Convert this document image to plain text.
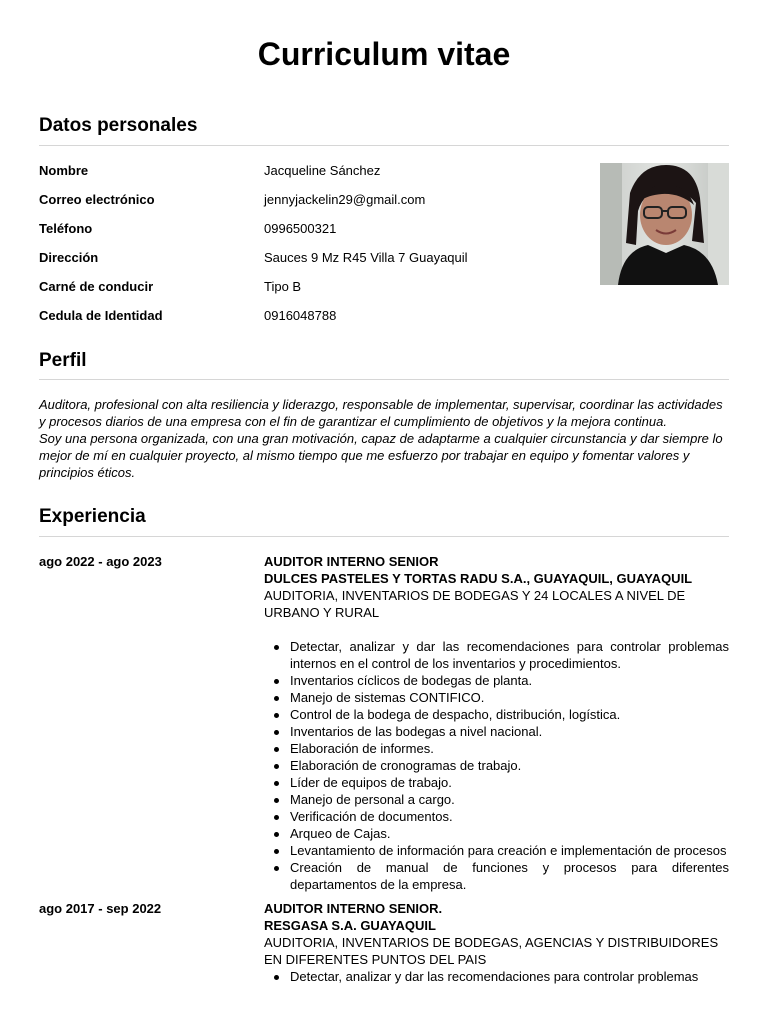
Curriculum vitae
Datos personales
Nombre	Jacqueline Sánchez
Correo electrónico	jennyjackelin29@gmail.com
Teléfono	0996500321
Dirección	Sauces 9 Mz R45 Villa 7 Guayaquil
Carné de conducir	Tipo B
Cedula de Identidad	0916048788
Perfil

Auditora, profesional con alta resiliencia y liderazgo, responsable de implementar, supervisar, coordinar las actividades y procesos diarios de una empresa con el fin de garantizar el cumplimiento de objetivos y la mejora continua.

Soy una persona organizada, con una gran motivación, capaz de adaptarme a cualquier circunstancia y dar siempre lo mejor de mí en cualquier proyecto, al mismo tiempo que me esfuerzo por trabajar en equipo y fomentar valores y principios éticos.

Experiencia
ago 2022 - ago 2023	AUDITOR INTERNO SENIOR
DULCES PASTELES Y TORTAS RADU S.A., GUAYAQUIL, GUAYAQUIL
AUDITORIA, INVENTARIOS DE BODEGAS Y 24 LOCALES A NIVEL DE URBANO Y RURAL
Detectar, analizar y dar las recomendaciones para controlar problemas internos en el control de los inventarios y procedimientos.
Inventarios cíclicos de bodegas de planta.
Manejo de sistemas CONTIFICO.
Control de la bodega de despacho, distribución, logística.
Inventarios de las bodegas a nivel nacional.
Elaboración de informes.
Elaboración de cronogramas de trabajo.
Líder de equipos de trabajo.
Manejo de personal a cargo.
Verificación de documentos.
Arqueo de Cajas.
Levantamiento de información para creación e implementación de procesos
Creación de manual de funciones y procesos para diferentes departamentos de la empresa.
ago 2017 - sep 2022	AUDITOR INTERNO SENIOR.
RESGASA S.A. GUAYAQUIL
AUDITORIA, INVENTARIOS DE BODEGAS, AGENCIAS Y DISTRIBUIDORES EN DIFERENTES PUNTOS DEL PAIS
Detectar, analizar y dar las recomendaciones para controlar problemas
